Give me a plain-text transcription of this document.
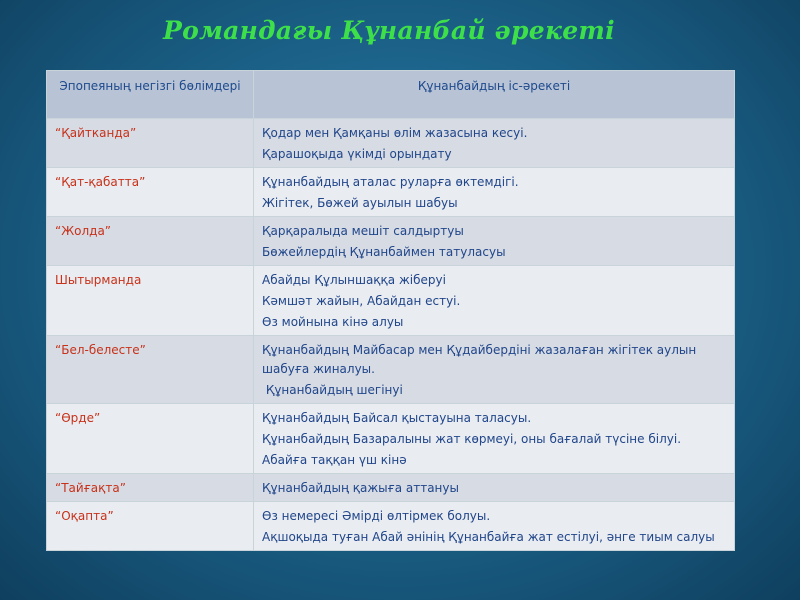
Романдағы Құнанбай әрекеті
Эпопеяның негізгі бөлімдері	Құнанбайдың іс-әрекеті
“Қайтканда”	Қодар мен Қамқаны өлім жазасына кесуі.
Қарашоқыда үкімді орындату

“Қат-қабатта”	Құнанбайдың аталас руларға өктемдігі.
Жігітек, Бөжей ауылын шабуы

“Жолда”	Қарқаралыда мешіт салдыртуы
Бөжейлердің Құнанбаймен татуласуы

Шытырманда	Абайды Құлыншаққа жіберуі
Кәмшәт жайын, Абайдан естуі.
Өз мойнына кінә алуы

“Бел-белесте”	Құнанбайдың Майбасар мен Құдайбердіні жазалаған жігітек аулын шабуға жиналуы.
Құнанбайдың шегінуі

“Өрде”	Құнанбайдың Байсал қыстауына таласуы.
Құнанбайдың Базаралыны жат көрмеуі, оны бағалай түсіне білуі.
Абайға таққан үш кінә

“Тайғақта”	Құнанбайдың қажыға аттануы

“Оқапта”	Өз немересі Әмірді өлтірмек болуы.
Ақшоқыда туған Абай әнінің Құнанбайға жат естілуі, әнге тиым салуы
